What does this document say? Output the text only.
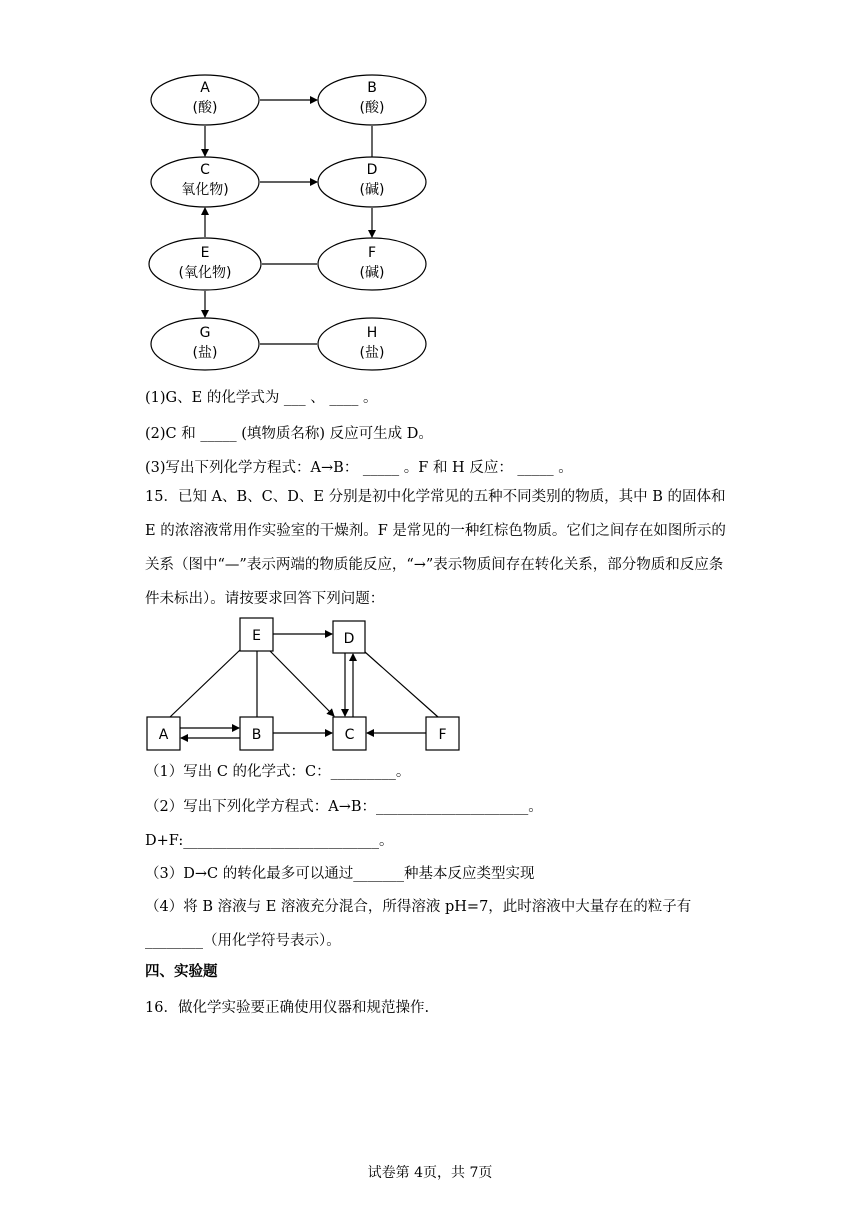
A
(酸)
B
(酸)
C
氧化物)
D
(碱)
E
(氧化物)
F
(碱)
G
(盐)
H
(盐)
(1)G、E 的化学式为 ___ 、 ____ 。
(2)C 和 _____ (填物质名称) 反应可生成 D。
(3)写出下列化学方程式：A→B： _____ 。F 和 H 反应： _____ 。
15．已知 A、B、C、D、E 分别是初中化学常见的五种不同类别的物质，其中 B 的固体和 E 的浓溶液常用作实验室的干燥剂。F 是常见的一种红棕色物质。它们之间存在如图所示的关系（图中“—”表示两端的物质能反应，“→”表示物质间存在转化关系，部分物质和反应条件未标出）。请按要求回答下列问题：
E	D
A	B	C	F
（1）写出 C 的化学式：C：_________。
（2）写出下列化学方程式：A→B：_____________________。
D+F:___________________________。
（3）D→C 的转化最多可以通过_______种基本反应类型实现
（4）将 B 溶液与 E 溶液充分混合，所得溶液 pH=7，此时溶液中大量存在的粒子有
________（用化学符号表示）。
四、实验题
16．做化学实验要正确使用仪器和规范操作.
试卷第 4页，共 7页
